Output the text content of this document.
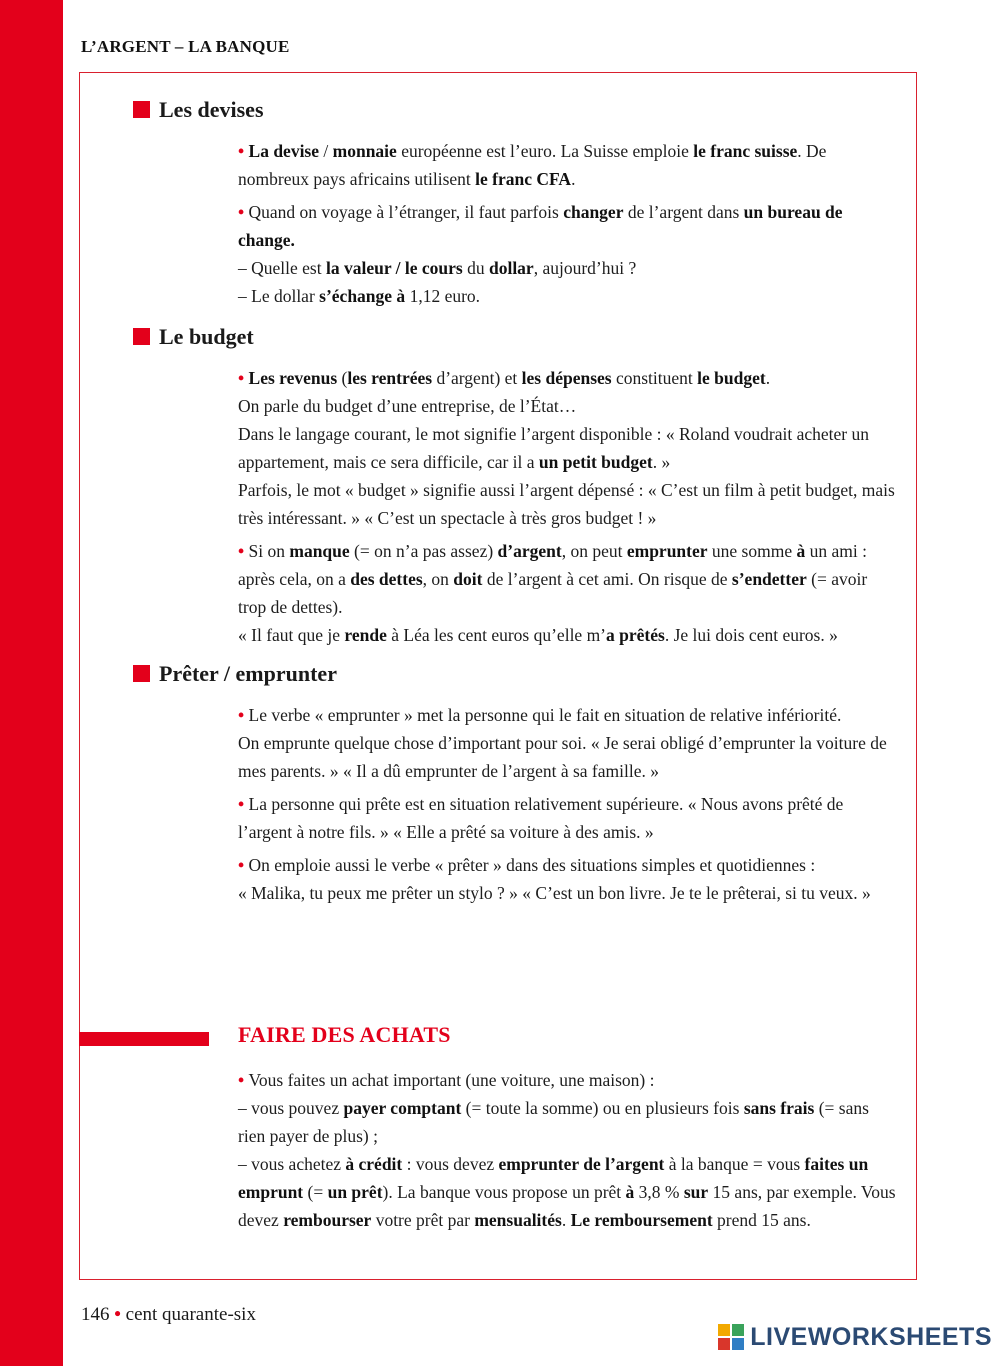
L’ARGENT – LA BANQUE
Les devises

• La devise / monnaie européenne est l’euro. La Suisse emploie le franc suisse. De nombreux pays africains utilisent le franc CFA.

• Quand on voyage à l’étranger, il faut parfois changer de l’argent dans un bureau de change.

– Quelle est la valeur / le cours du dollar, aujourd’hui ?

– Le dollar s’échange à 1,12 euro.

Le budget

• Les revenus (les rentrées d’argent) et les dépenses constituent le budget.

On parle du budget d’une entreprise, de l’État…

Dans le langage courant, le mot signifie l’argent disponible : « Roland voudrait acheter un appartement, mais ce sera difficile, car il a un petit budget. »

Parfois, le mot « budget » signifie aussi l’argent dépensé : « C’est un film à petit budget, mais très intéressant. » « C’est un spectacle à très gros budget ! »

• Si on manque (= on n’a pas assez) d’argent, on peut emprunter une somme à un ami : après cela, on a des dettes, on doit de l’argent à cet ami. On risque de s’endetter (= avoir trop de dettes).

« Il faut que je rende à Léa les cent euros qu’elle m’a prêtés. Je lui dois cent euros. »

Prêter / emprunter

• Le verbe « emprunter » met la personne qui le fait en situation de relative infériorité.

On emprunte quelque chose d’important pour soi. « Je serai obligé d’emprunter la voiture de mes parents. » « Il a dû emprunter de l’argent à sa famille. »

• La personne qui prête est en situation relativement supérieure. « Nous avons prêté de l’argent à notre fils. » « Elle a prêté sa voiture à des amis. »

• On emploie aussi le verbe « prêter » dans des situations simples et quotidiennes :

« Malika, tu peux me prêter un stylo ? » « C’est un bon livre. Je te le prêterai, si tu veux. »

FAIRE DES ACHATS

• Vous faites un achat important (une voiture, une maison) :

– vous pouvez payer comptant (= toute la somme) ou en plusieurs fois sans frais (= sans rien payer de plus) ;

– vous achetez à crédit : vous devez emprunter de l’argent à la banque = vous faites un emprunt (= un prêt). La banque vous propose un prêt à 3,8 % sur 15 ans, par exemple. Vous devez rembourser votre prêt par mensualités. Le remboursement prend 15 ans.

146 • cent quarante-six
LIVEWORKSHEETS
